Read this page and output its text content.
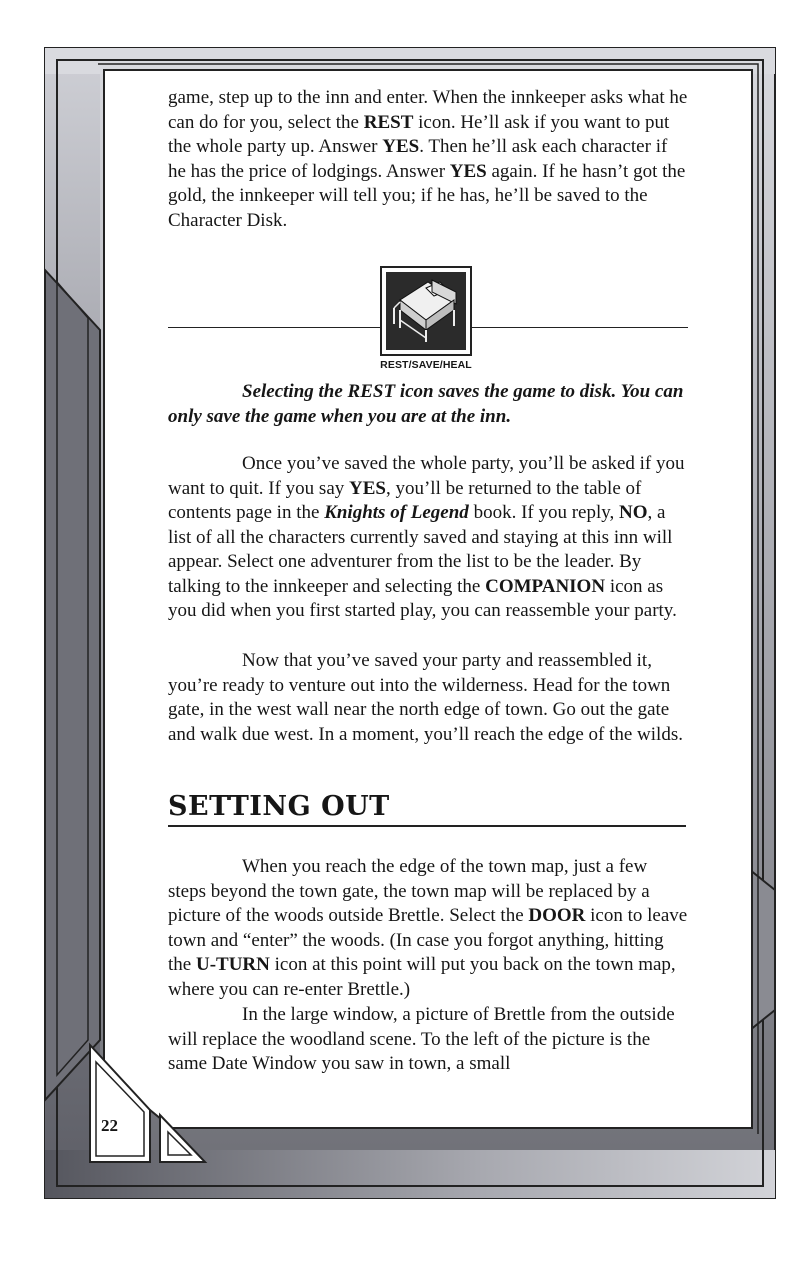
game, step up to the inn and enter. When the innkeeper asks what he can do for you, select the REST icon. He’ll ask if you want to put the whole party up. Answer YES. Then he’ll ask each character if he has the price of lodgings. Answer YES again. If he hasn’t got the gold, the innkeeper will tell you; if he has, he’ll be saved to the Character Disk.

REST/SAVE/HEAL
Selecting the REST icon saves the game to disk. You can only save the game when you are at the inn.
Once you’ve saved the whole party, you’ll be asked if you want to quit. If you say YES, you’ll be returned to the table of contents page in the Knights of Legend book. If you reply, NO, a list of all the characters currently saved and staying at this inn will appear. Select one adventurer from the list to be the leader. By talking to the innkeeper and selecting the COMPANION icon as you did when you first started play, you can reassemble your party.
Now that you’ve saved your party and reassembled it, you’re ready to venture out into the wilderness. Head for the town gate, in the west wall near the north edge of town. Go out the gate and walk due west. In a moment, you’ll reach the edge of the wilds.
SETTING OUT
When you reach the edge of the town map, just a few steps beyond the town gate, the town map will be replaced by a picture of the woods outside Brettle. Select the DOOR icon to leave town and “enter” the woods. (In case you forgot anything, hitting the U-TURN icon at this point will put you back on the town map, where you can re-enter Brettle.)
In the large window, a picture of Brettle from the outside will replace the woodland scene. To the left of the picture is the same Date Window you saw in town, a small
22
